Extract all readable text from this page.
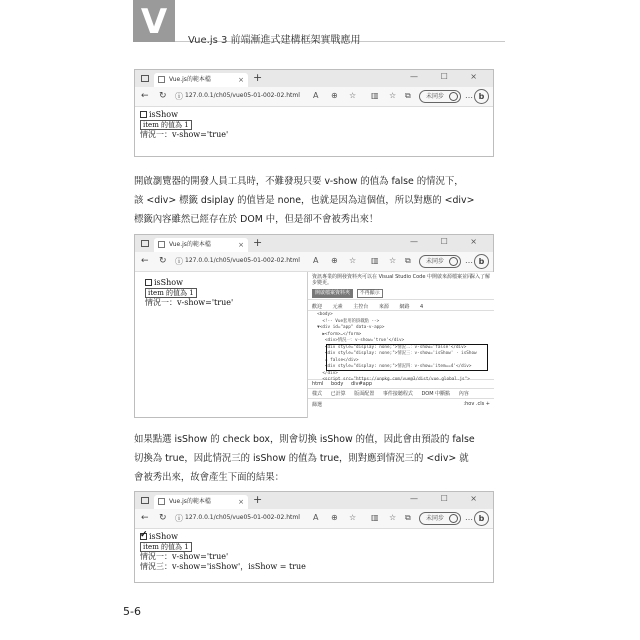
V	Vue.js 3 前端漸進式建構框架實戰應用
Vue.js的範本檔	× +	— ☐ ×
← ↻ ⓘ 127.0.0.1/ch05/vue05-01-002-02.html A ⊕ ☆ ▥ ☆ ⧉	未同步	… b
isShow
item 的值為 1
情況一：v-show='true'
開啟瀏覽器的開發人員工具時，不難發現只要 v-show 的值為 false 的情況下，
該 <div> 標籤 dsiplay 的值皆是 none，也就是因為這個值，所以對應的 <div>
標籤內容雖然已經存在於 DOM 中，但是卻不會被秀出來！
Vue.js的範本檔	× +	— ☐ ×
← ↻ ⓘ 127.0.0.1/ch05/vue05-01-002-02.html A ⊕ ☆ ▥ ☆ ⧉	未同步	… b
isShow
item 的值為 1
情況一：v-show='true'
資訊專業的開發資料夾可以在 Visual Studio Code 中開啟來源檔案並同
步變更。
深入了解
開啟檔案資料夾 不再顯示
歡迎 元素 主控台 來源 網路 4
<body>
<!-- Vue套用的掛載點 -->
▼<div id="app" data-v-app>
▶<form>…</form>
<div>情況一：v-show='true'</div>
<div style="display: none;">情況二：v-show='false'</div>
<div style="display: none;">情況三：v-show='isShow' · isShow
= false</div>
<div style="display: none;">情況四：v-show='item==4'</div>
</div>
<script src="https://unpkg.com/vue@3/dist/vue.global.js">
html body div#app
樣式 已計算 版面配置 事件接聽程式 DOM 中斷點 內容
篩選	:hov .cls +
如果點選 isShow 的 check box，則會切換 isShow 的值，因此會由預設的 false
切換為 true，因此情況三的 isShow 的值為 true，則對應到情況三的 <div> 就
會被秀出來，故會產生下面的結果：
Vue.js的範本檔	× +	— ☐ ×
← ↻ ⓘ 127.0.0.1/ch05/vue05-01-002-02.html A ⊕ ☆ ▥ ☆ ⧉	未同步	… b
✓isShow
item 的值為 1
情況一：v-show='true'
情況三：v-show='isShow'，isShow = true
5-6
